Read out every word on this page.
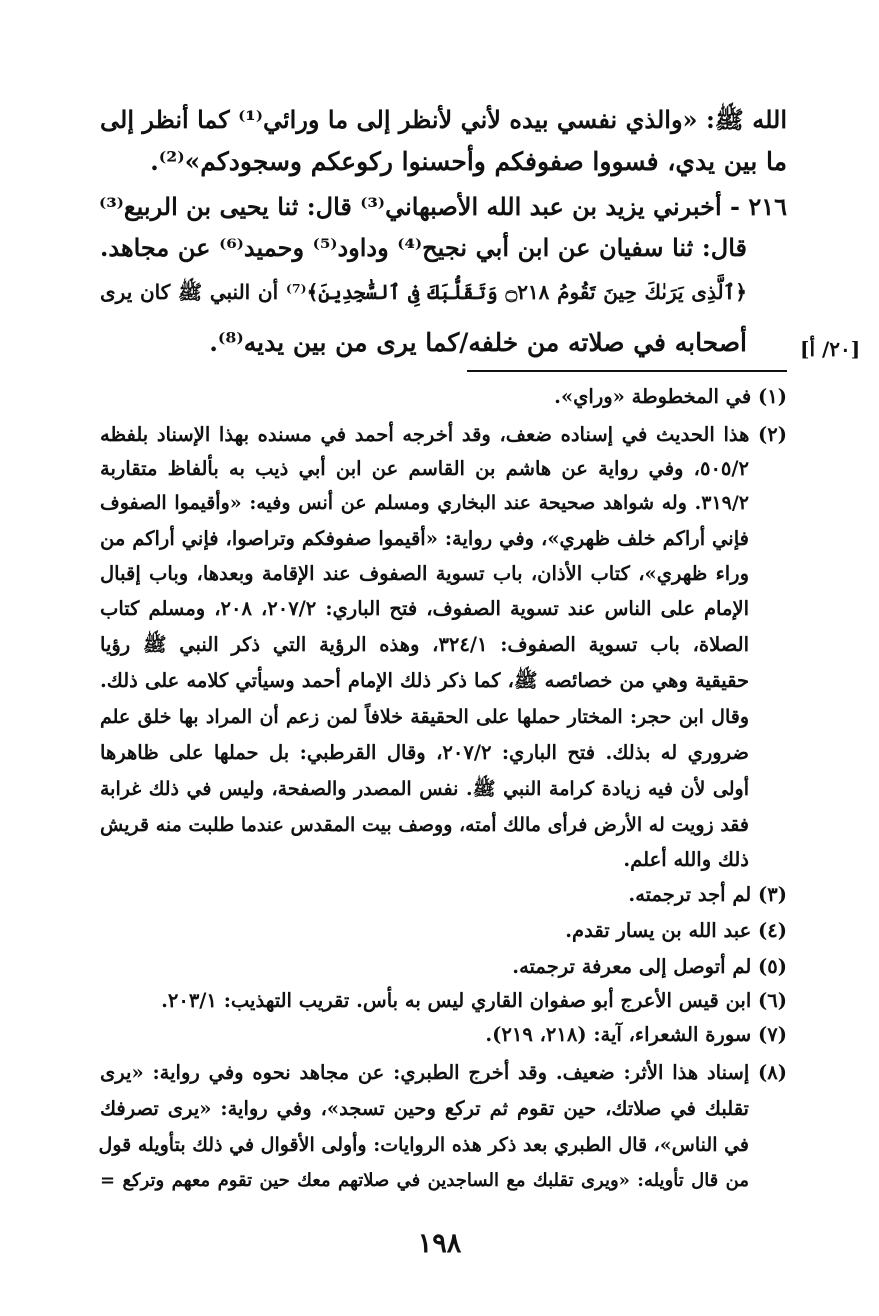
الله ﷺ: «والذي نفسي بيده لأني لأنظر إلى ما ورائي⁽¹⁾ كما أنظر إلى
ما بين يدي، فسووا صفوفكم وأحسنوا ركوعكم وسجودكم»⁽²⁾.
٢١٦ - أخبرني يزيد بن عبد الله الأصبهاني⁽³⁾ قال: ثنا يحيى بن الربيع⁽³⁾
قال: ثنا سفيان عن ابن أبي نجيح⁽⁴⁾ وداود⁽⁵⁾ وحميد⁽⁶⁾ عن مجاهد.
﴿ٱلَّذِى يَرَىٰكَ حِينَ تَقُومُ ۝٢١٨ وَتَقَلُّبَكَ فِى ٱلسَّٰجِدِينَ﴾⁽⁷⁾ أن النبي ﷺ كان يرى
أصحابه في صلاته من خلفه/كما يرى من بين يديه⁽⁸⁾.	[٢٠/ أ]
(١) في المخطوطة «وراي».
(٢) هذا الحديث في إسناده ضعف، وقد أخرجه أحمد في مسنده بهذا الإسناد بلفظه
٥٠٥/٢، وفي رواية عن هاشم بن القاسم عن ابن أبي ذيب به بألفاظ متقاربة
٣١٩/٢. وله شواهد صحيحة عند البخاري ومسلم عن أنس وفيه: «وأقيموا الصفوف
فإني أراكم خلف ظهري»، وفي رواية: «أقيموا صفوفكم وتراصوا، فإني أراكم من
وراء ظهري»، كتاب الأذان، باب تسوية الصفوف عند الإقامة وبعدها، وباب إقبال
الإمام على الناس عند تسوية الصفوف، فتح الباري: ٢٠٧/٢، ٢٠٨، ومسلم كتاب
الصلاة، باب تسوية الصفوف: ٣٢٤/١، وهذه الرؤية التي ذكر النبي ﷺ رؤيا
حقيقية وهي من خصائصه ﷺ، كما ذكر ذلك الإمام أحمد وسيأتي كلامه على ذلك.
وقال ابن حجر: المختار حملها على الحقيقة خلافاً لمن زعم أن المراد بها خلق علم
ضروري له بذلك. فتح الباري: ٢٠٧/٢، وقال القرطبي: بل حملها على ظاهرها
أولى لأن فيه زيادة كرامة النبي ﷺ. نفس المصدر والصفحة، وليس في ذلك غرابة
فقد زويت له الأرض فرأى مالك أمته، ووصف بيت المقدس عندما طلبت منه قريش
ذلك والله أعلم.
(٣) لم أجد ترجمته.
(٤) عبد الله بن يسار تقدم.
(٥) لم أتوصل إلى معرفة ترجمته.
(٦) ابن قيس الأعرج أبو صفوان القاري ليس به بأس. تقريب التهذيب: ٢٠٣/١.
(٧) سورة الشعراء، آية: (٢١٨، ٢١٩).
(٨) إسناد هذا الأثر: ضعيف. وقد أخرج الطبري: عن مجاهد نحوه وفي رواية: «يرى
تقلبك في صلاتك، حين تقوم ثم تركع وحين تسجد»، وفي رواية: «يرى تصرفك
في الناس»، قال الطبري بعد ذكر هذه الروايات: وأولى الأقوال في ذلك بتأويله قول
من قال تأويله: «ويرى تقلبك مع الساجدين في صلاتهم معك حين تقوم معهم وتركع =
١٩٨
